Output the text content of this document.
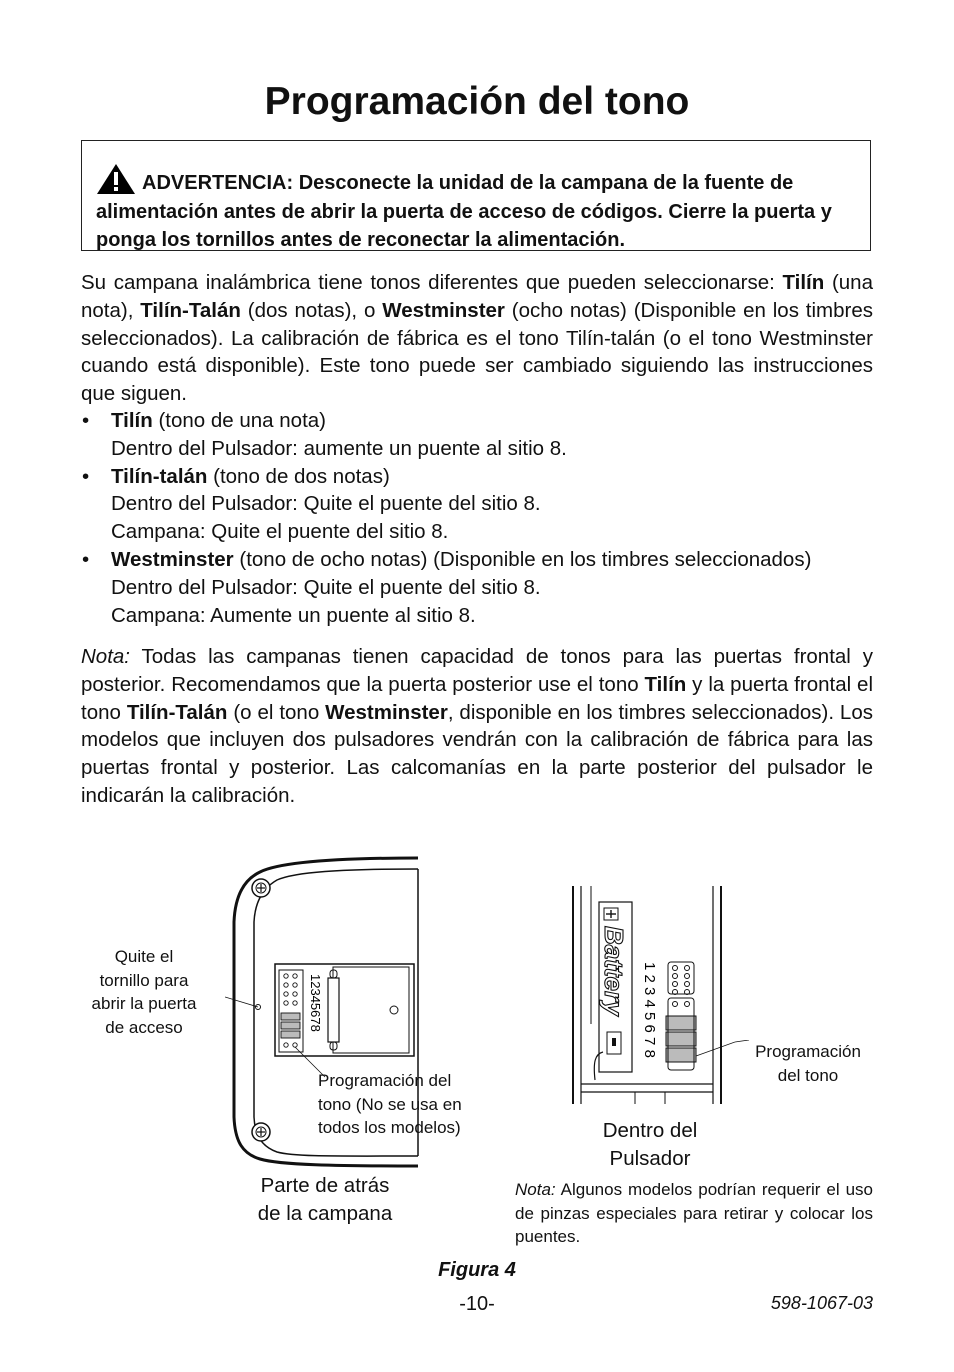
Programación del tono
ADVERTENCIA: Desconecte la unidad de la campana de la fuente de alimentación antes de abrir la puerta de acceso de códigos. Cierre la puerta y ponga los tornillos antes de reconectar la alimentación.
Su campana inalámbrica tiene tonos diferentes que pueden seleccionarse: Tilín (una nota), Tilín-Talán (dos notas), o Westminster (ocho notas) (Disponible en los timbres seleccionados). La calibración de fábrica es el tono Tilín-talán (o el tono Westminster cuando está disponible). Este tono puede ser cambiado siguiendo las instrucciones que siguen.
• Tilín (tono de una nota)
Dentro del Pulsador: aumente un puente al sitio 8.
• Tilín-talán (tono de dos notas)
Dentro del Pulsador: Quite el puente del sitio 8.
Campana: Quite el puente del sitio 8.
• Westminster (tono de ocho notas) (Disponible en los timbres seleccionados)
Dentro del Pulsador: Quite el puente del sitio 8.
Campana: Aumente un puente al sitio 8.
Nota: Todas las campanas tienen capacidad de tonos para las puertas frontal y posterior. Recomendamos que la puerta posterior use el tono Tilín y la puerta frontal el tono Tilín-Talán (o el tono Westminster, disponible en los timbres seleccionados). Los modelos que incluyen dos pulsadores vendrán con la calibración de fábrica para las puertas frontal y posterior. Las calcomanías en la parte posterior del pulsador le indicarán la calibración.
12345678
Quite el
tornillo para
abrir la puerta
de acceso
Programación del
tono (No se usa en
todos los modelos)
Parte de atrás
de la campana
Battery 1 2 3 4 5 6 7 8	Programación
del tono
Dentro del
Pulsador
Nota: Algunos modelos podrían requerir el uso de pinzas especiales para retirar y colocar los puentes.
Figura 4
-10-	598-1067-03
